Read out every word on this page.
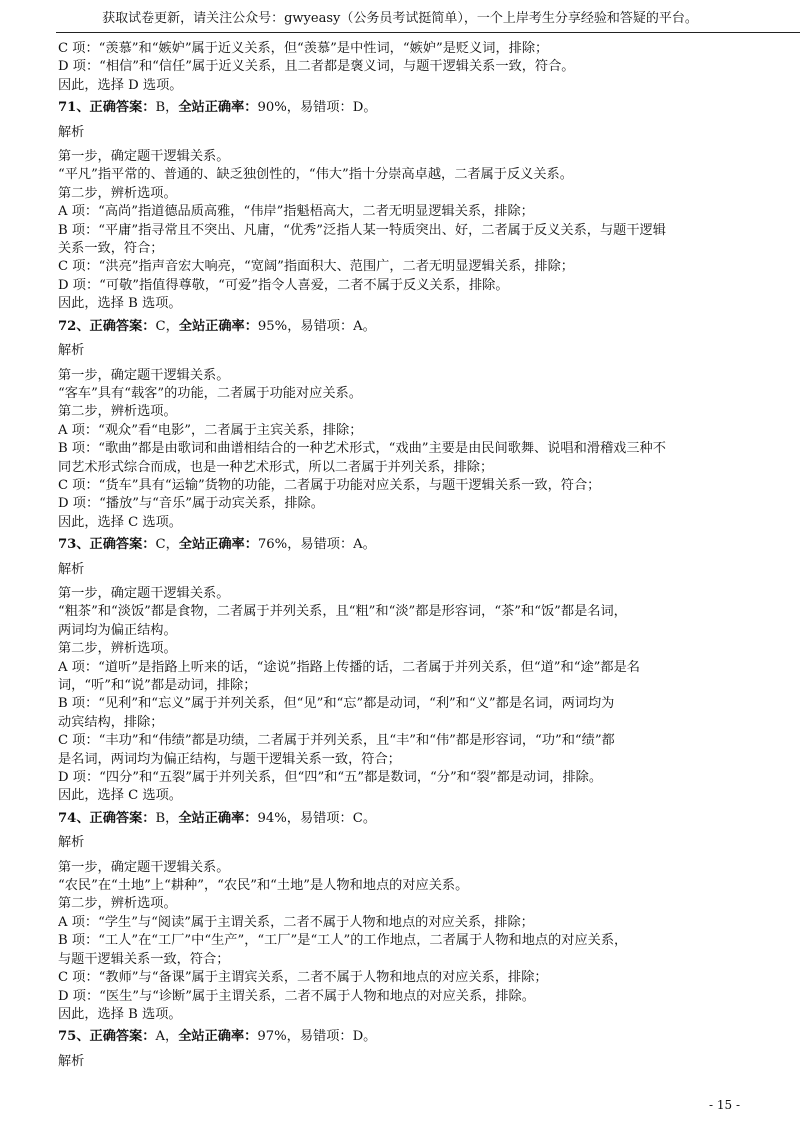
获取试卷更新，请关注公众号：gwyeasy（公务员考试挺简单），一个上岸考生分享经验和答疑的平台。
C 项：“羡慕”和“嫉妒”属于近义关系，但“羡慕”是中性词，“嫉妒”是贬义词，排除；
D 项：“相信”和“信任”属于近义关系，且二者都是褒义词，与题干逻辑关系一致，符合。
因此，选择 D 选项。
71、正确答案：B，全站正确率：90%，易错项：D。
解析
第一步，确定题干逻辑关系。
“平凡”指平常的、普通的、缺乏独创性的，“伟大”指十分崇高卓越，二者属于反义关系。
第二步，辨析选项。
A 项：“高尚”指道德品质高雅，“伟岸”指魁梧高大，二者无明显逻辑关系，排除；
B 项：“平庸”指寻常且不突出、凡庸，“优秀”泛指人某一特质突出、好，二者属于反义关系，与题干逻辑
关系一致，符合；
C 项：“洪亮”指声音宏大响亮，“宽阔”指面积大、范围广，二者无明显逻辑关系，排除；
D 项：“可敬”指值得尊敬，“可爱”指令人喜爱，二者不属于反义关系，排除。
因此，选择 B 选项。
72、正确答案：C，全站正确率：95%，易错项：A。
解析
第一步，确定题干逻辑关系。
“客车”具有“载客”的功能，二者属于功能对应关系。
第二步，辨析选项。
A 项：“观众”看“电影”，二者属于主宾关系，排除；
B 项：“歌曲”都是由歌词和曲谱相结合的一种艺术形式，“戏曲”主要是由民间歌舞、说唱和滑稽戏三种不
同艺术形式综合而成，也是一种艺术形式，所以二者属于并列关系，排除；
C 项：“货车”具有“运输”货物的功能，二者属于功能对应关系，与题干逻辑关系一致，符合；
D 项：“播放”与“音乐”属于动宾关系，排除。
因此，选择 C 选项。
73、正确答案：C，全站正确率：76%，易错项：A。
解析
第一步，确定题干逻辑关系。
“粗茶”和“淡饭”都是食物，二者属于并列关系，且“粗”和“淡”都是形容词，“茶”和“饭”都是名词，
两词均为偏正结构。
第二步，辨析选项。
A 项：“道听”是指路上听来的话，“途说”指路上传播的话，二者属于并列关系，但“道”和“途”都是名
词，“听”和“说”都是动词，排除；
B 项：“见利”和“忘义”属于并列关系，但“见”和“忘”都是动词，“利”和“义”都是名词，两词均为
动宾结构，排除；
C 项：“丰功”和“伟绩”都是功绩，二者属于并列关系，且“丰”和“伟”都是形容词，“功”和“绩”都
是名词，两词均为偏正结构，与题干逻辑关系一致，符合；
D 项：“四分”和“五裂”属于并列关系，但“四”和“五”都是数词，“分”和“裂”都是动词，排除。
因此，选择 C 选项。
74、正确答案：B，全站正确率：94%，易错项：C。
解析
第一步，确定题干逻辑关系。
“农民”在“土地”上“耕种”，“农民”和“土地”是人物和地点的对应关系。
第二步，辨析选项。
A 项：“学生”与“阅读”属于主谓关系，二者不属于人物和地点的对应关系，排除；
B 项：“工人”在“工厂”中“生产”，“工厂”是“工人”的工作地点，二者属于人物和地点的对应关系，
与题干逻辑关系一致，符合；
C 项：“教师”与“备课”属于主谓宾关系，二者不属于人物和地点的对应关系，排除；
D 项：“医生”与“诊断”属于主谓关系，二者不属于人物和地点的对应关系，排除。
因此，选择 B 选项。
75、正确答案：A，全站正确率：97%，易错项：D。
解析
- 15 -
